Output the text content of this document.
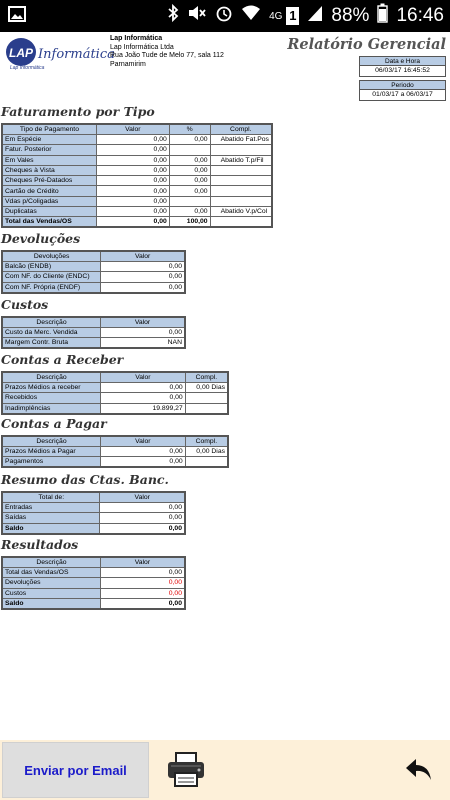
4G 1 88% 16:46
LAP Informática
Lap Informática
Lap Informática
Lap Informática Ltda
Rua João Tude de Melo 77, sala 112
Parnamirim
Relatório Gerencial
Data e Hora
06/03/17 16:45:52
Periodo
01/03/17 a 06/03/17
Faturamento por Tipo
Tipo de Pagamento	Valor	%	Compl.
Em Espécie	0,00	0,00	Abatido Fat.Pos
Fatur. Posterior	0,00		
Em Vales	0,00	0,00	Abatido T.p/Fil
Cheques à Vista	0,00	0,00	
Cheques Pré-Datados	0,00	0,00	
Cartão de Crédito	0,00	0,00	
Vdas p/Coligadas	0,00		
Duplicatas	0,00	0,00	Abatido V.p/Col
Total das Vendas/OS	0,00	100,00	
Devoluções
Devoluções	Valor
Balcão (ENDB)	0,00
Com NF. do Cliente (ENDC)	0,00
Com NF. Própria (ENDF)	0,00
Custos
Descrição	Valor
Custo da Merc. Vendida	0,00
Margem Contr. Bruta	NAN
Contas a Receber
Descrição	Valor	Compl.
Prazos Médios a receber	0,00	0,00 Dias
Recebidos	0,00	
Inadimplências	19.899,27	
Contas a Pagar
Descrição	Valor	Compl.
Prazos Médios a Pagar	0,00	0,00 Dias
Pagamentos	0,00	
Resumo das Ctas. Banc.
Total de:	Valor
Entradas	0,00
Saídas	0,00
Saldo	0,00
Resultados
Descrição	Valor
Total das Vendas/OS	0,00
Devoluções	0,00
Custos	0,00
Saldo	0,00
Enviar por Email
